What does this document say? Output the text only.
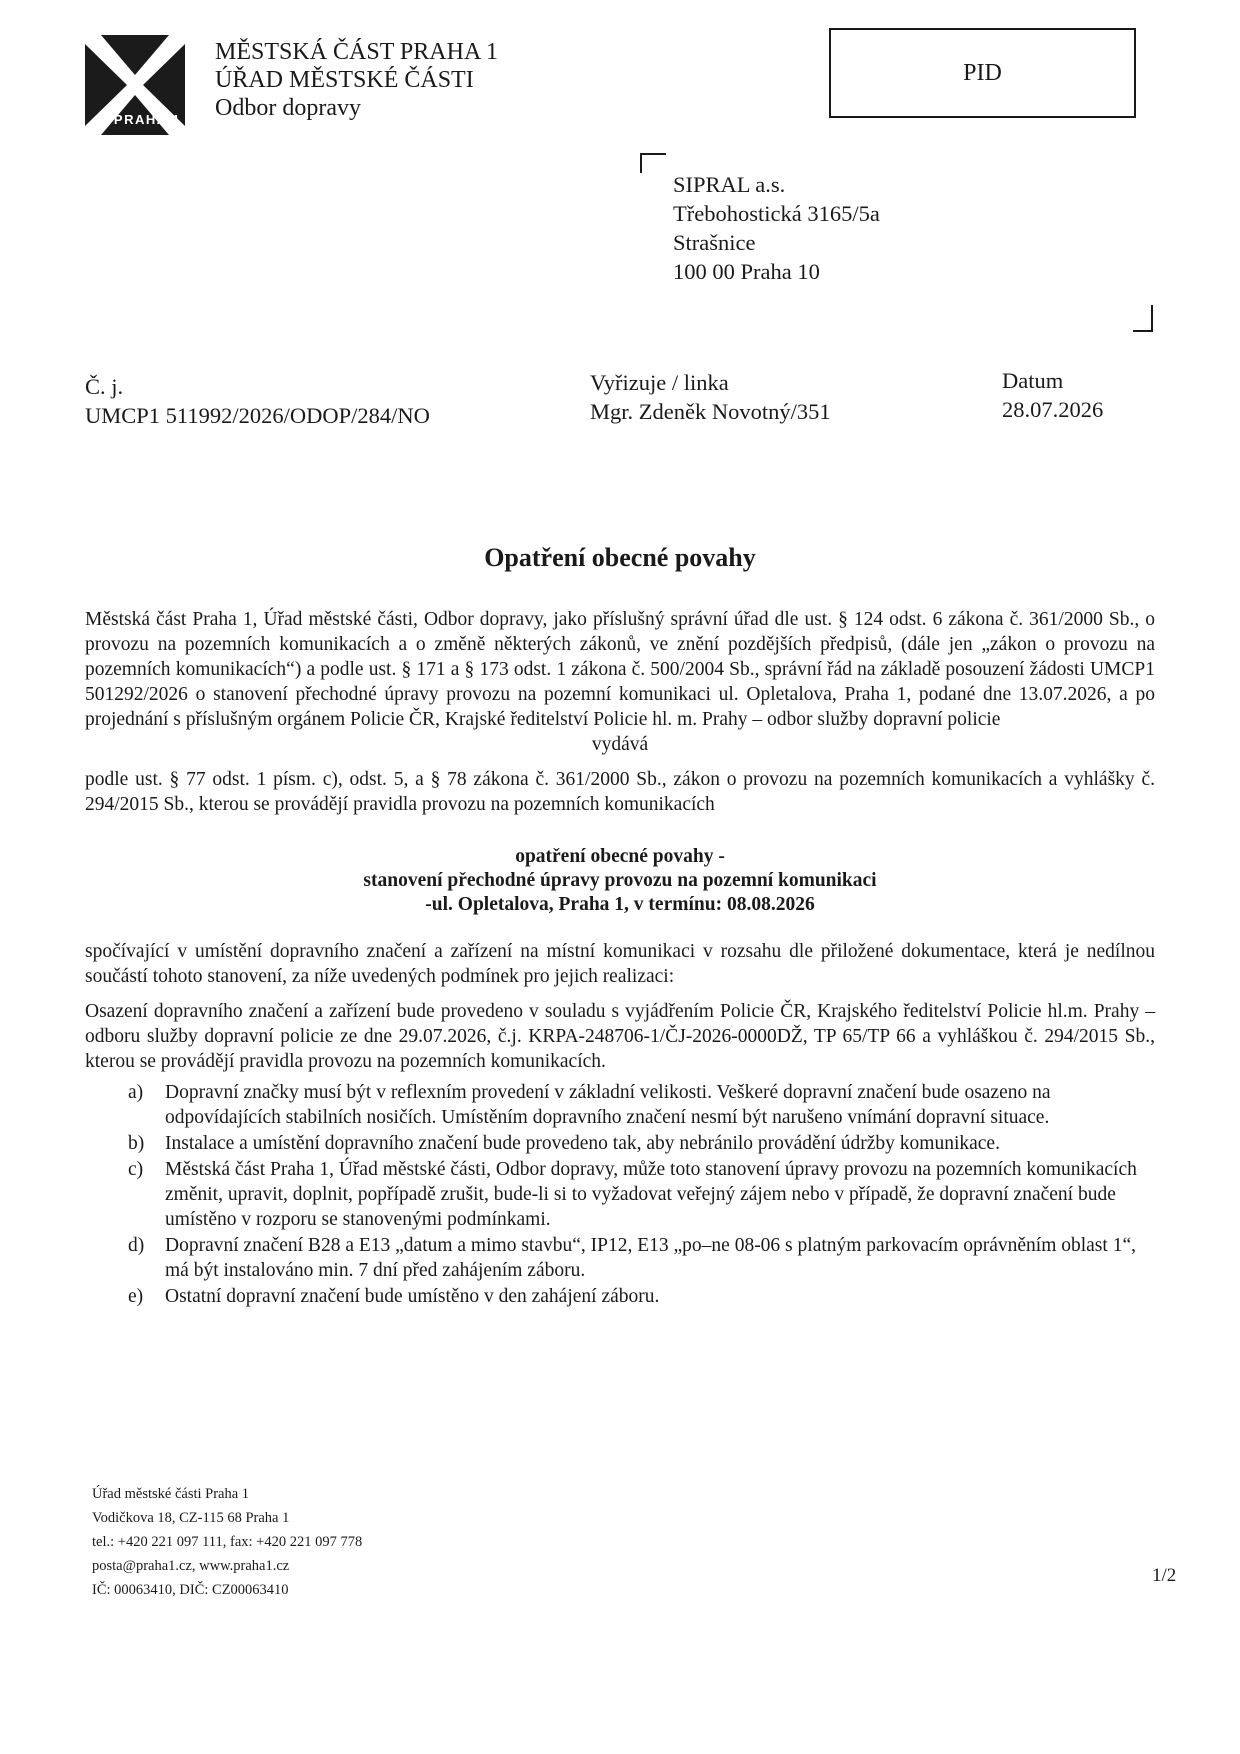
PRAHA 1
MĚSTSKÁ ČÁST PRAHA 1
ÚŘAD MĚSTSKÉ ČÁSTI
Odbor dopravy
PID
SIPRAL a.s.
Třebohostická 3165/5a
Strašnice
100 00 Praha 10
Č. j.
UMCP1 511992/2026/ODOP/284/NO
Vyřizuje / linka
Mgr. Zdeněk Novotný/351
Datum
28.07.2026
Opatření obecné povahy

Městská část Praha 1, Úřad městské části, Odbor dopravy, jako příslušný správní úřad dle ust. § 124 odst. 6 zákona č. 361/2000 Sb., o provozu na pozemních komunikacích a o změně některých zákonů, ve znění pozdějších předpisů, (dále jen „zákon o provozu na pozemních komunikacích“) a podle ust. § 171 a § 173 odst. 1 zákona č. 500/2004 Sb., správní řád na základě posouzení žádosti UMCP1 501292/2026 o stanovení přechodné úpravy provozu na pozemní komunikaci ul. Opletalova, Praha 1, podané dne 13.07.2026, a po projednání s příslušným orgánem Policie ČR, Krajské ředitelství Policie hl. m. Prahy – odbor služby dopravní policie

vydává

podle ust. § 77 odst. 1 písm. c), odst. 5, a § 78 zákona č. 361/2000 Sb., zákon o provozu na pozemních komunikacích a vyhlášky č. 294/2015 Sb., kterou se provádějí pravidla provozu na pozemních komunikacích

opatření obecné povahy -
stanovení přechodné úpravy provozu na pozemní komunikaci
-ul. Opletalova, Praha 1, v termínu: 08.08.2026

spočívající v umístění dopravního značení a zařízení na místní komunikaci v rozsahu dle přiložené dokumentace, která je nedílnou součástí tohoto stanovení, za níže uvedených podmínek pro jejich realizaci:

Osazení dopravního značení a zařízení bude provedeno v souladu s vyjádřením Policie ČR, Krajského ředitelství Policie hl.m. Prahy – odboru služby dopravní policie ze dne 29.07.2026, č.j. KRPA-248706-1/ČJ-2026-0000DŽ, TP 65/TP 66 a vyhláškou č. 294/2015 Sb., kterou se provádějí pravidla provozu na pozemních komunikacích.

a) Dopravní značky musí být v reflexním provedení v základní velikosti. Veškeré dopravní značení bude osazeno na odpovídajících stabilních nosičích. Umístěním dopravního značení nesmí být narušeno vnímání dopravní situace.
b) Instalace a umístění dopravního značení bude provedeno tak, aby nebránilo provádění údržby komunikace.
c) Městská část Praha 1, Úřad městské části, Odbor dopravy, může toto stanovení úpravy provozu na pozemních komunikacích změnit, upravit, doplnit, popřípadě zrušit, bude-li si to vyžadovat veřejný zájem nebo v případě, že dopravní značení bude umístěno v rozporu se stanovenými podmínkami.
d) Dopravní značení B28 a E13 „datum a mimo stavbu“, IP12, E13 „po–ne 08-06 s platným parkovacím oprávněním oblast 1“, má být instalováno min. 7 dní před zahájením záboru.
e) Ostatní dopravní značení bude umístěno v den zahájení záboru.
Úřad městské části Praha 1
Vodičkova 18, CZ-115 68 Praha 1
tel.: +420 221 097 111, fax: +420 221 097 778
posta@praha1.cz, www.praha1.cz
IČ: 00063410, DIČ: CZ00063410
1/2
